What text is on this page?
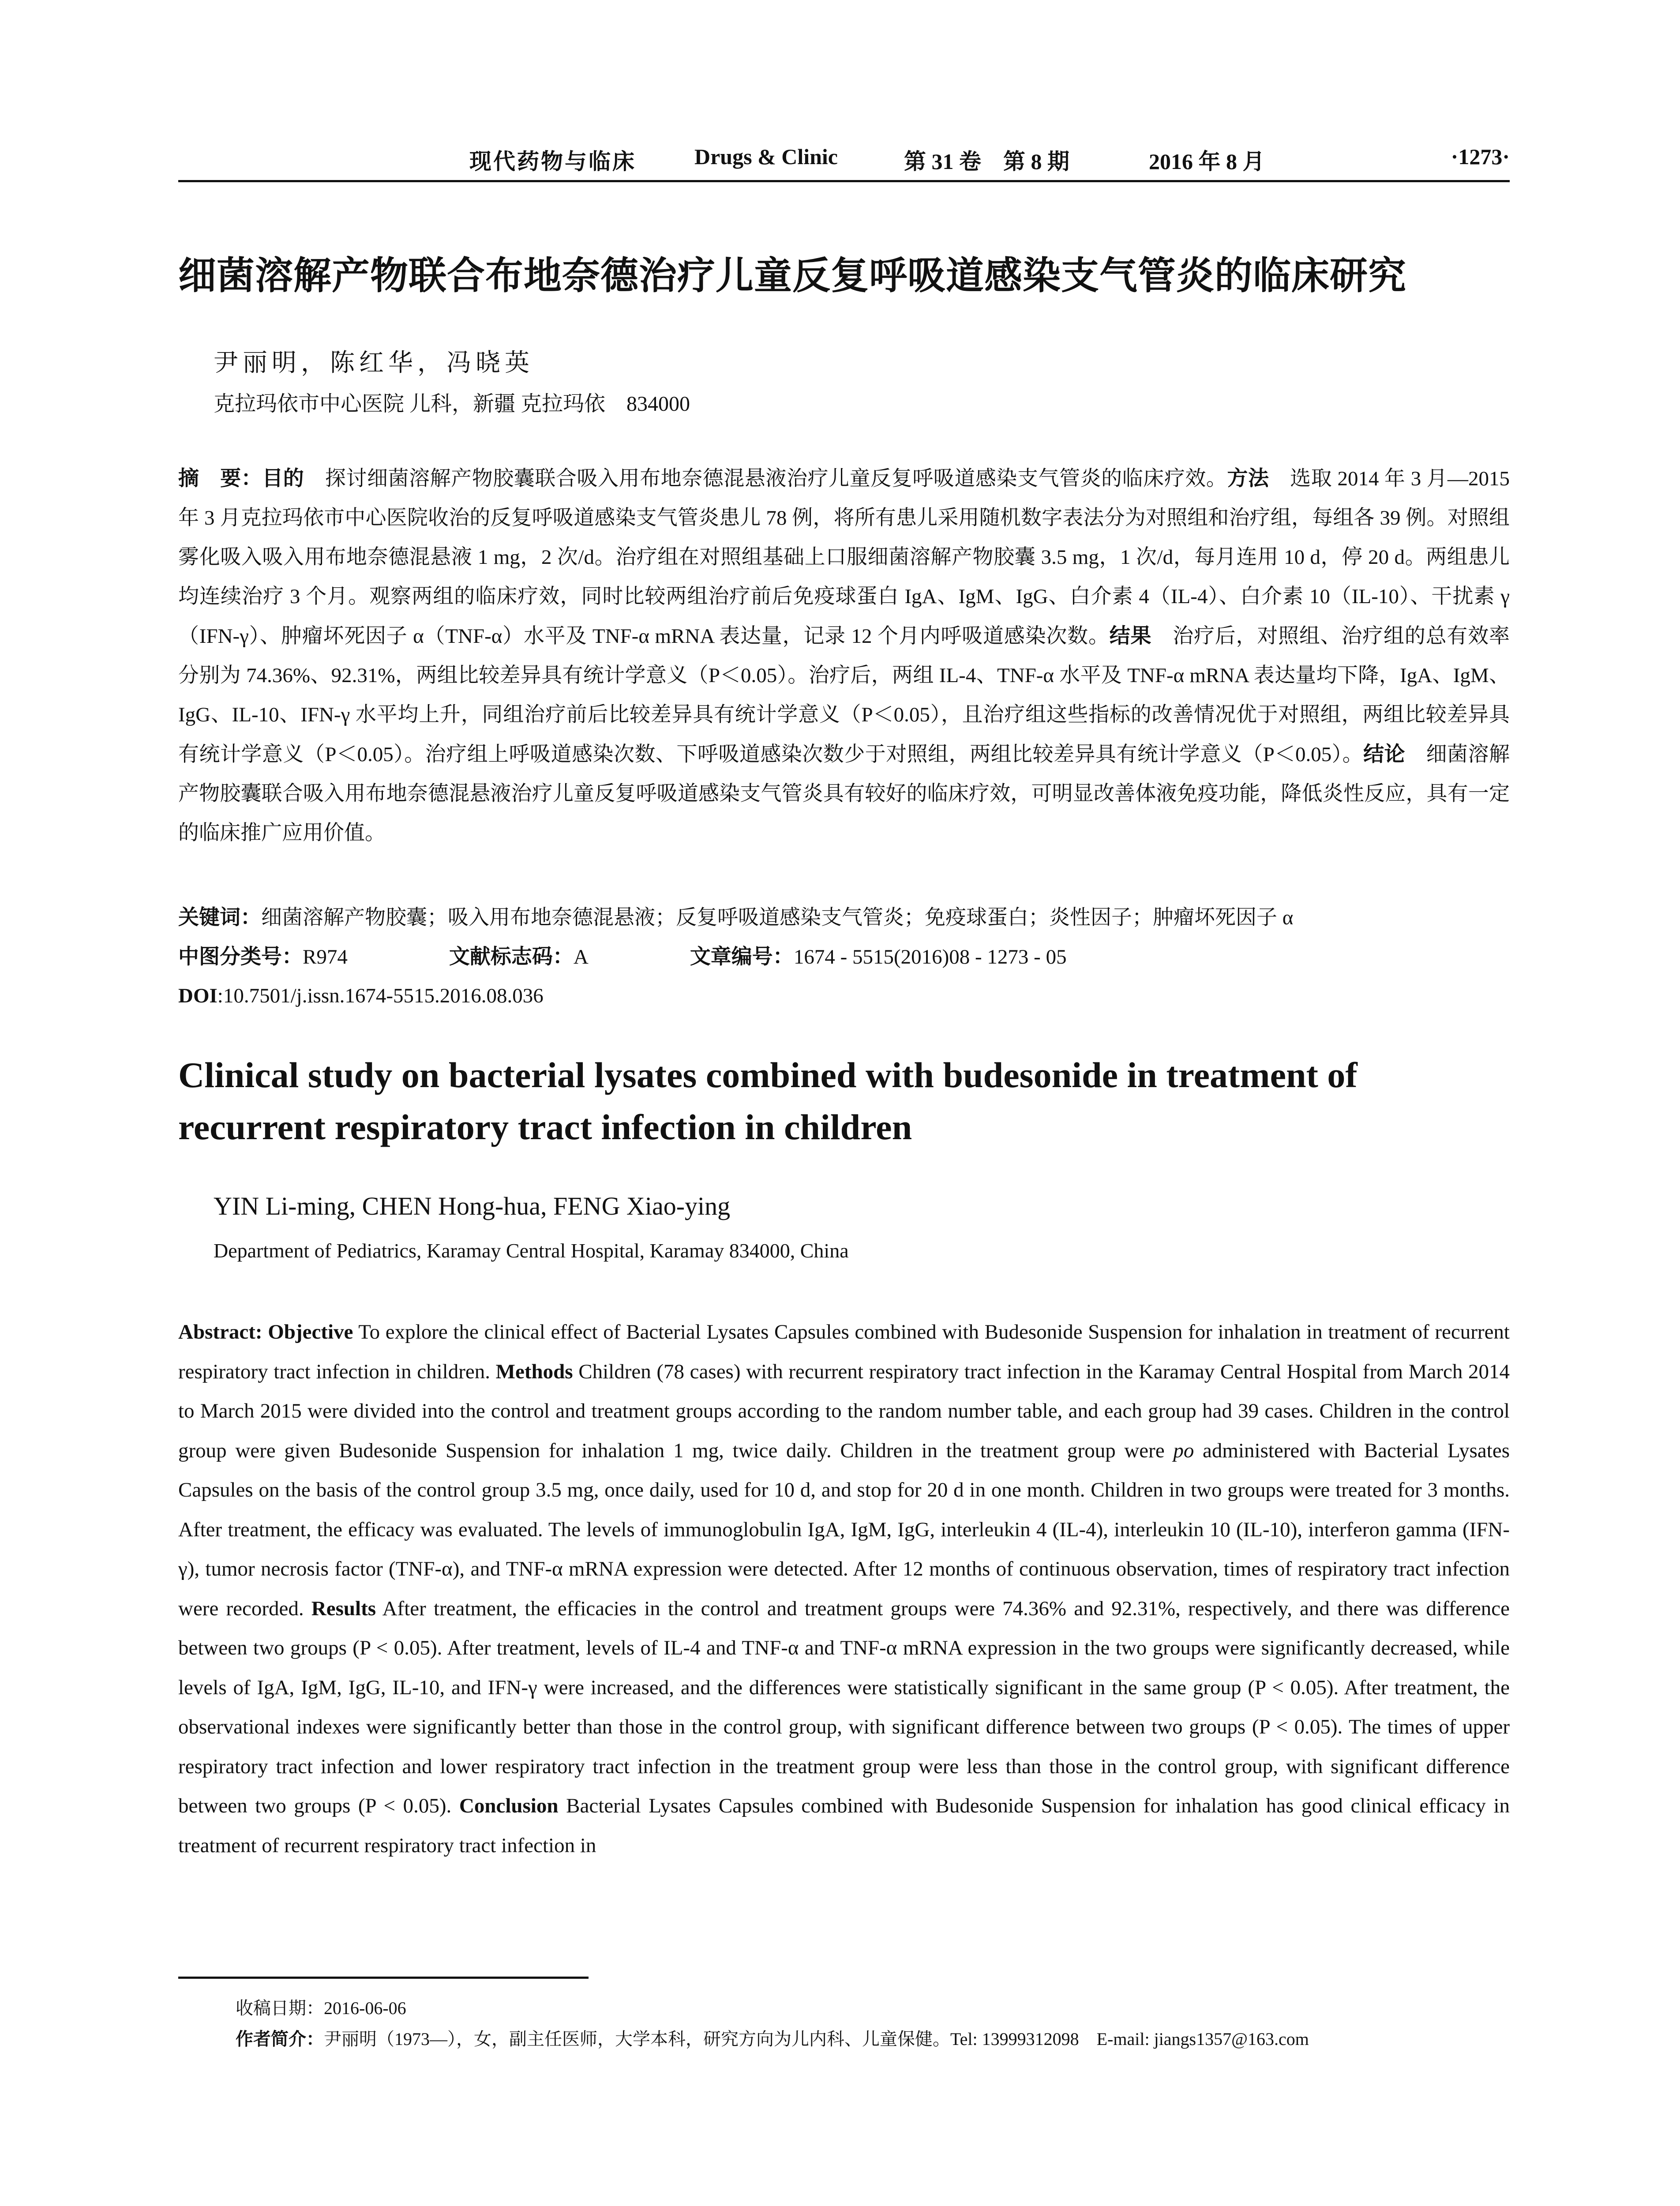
现代药物与临床	Drugs & Clinic	第 31 卷　第 8 期	2016 年 8 月	·1273·
细菌溶解产物联合布地奈德治疗儿童反复呼吸道感染支气管炎的临床研究
尹丽明，陈红华，冯晓英
克拉玛依市中心医院 儿科，新疆 克拉玛依　834000
摘　要：目的　探讨细菌溶解产物胶囊联合吸入用布地奈德混悬液治疗儿童反复呼吸道感染支气管炎的临床疗效。方法　选取 2014 年 3 月—2015 年 3 月克拉玛依市中心医院收治的反复呼吸道感染支气管炎患儿 78 例，将所有患儿采用随机数字表法分为对照组和治疗组，每组各 39 例。对照组雾化吸入吸入用布地奈德混悬液 1 mg，2 次/d。治疗组在对照组基础上口服细菌溶解产物胶囊 3.5 mg，1 次/d，每月连用 10 d，停 20 d。两组患儿均连续治疗 3 个月。观察两组的临床疗效，同时比较两组治疗前后免疫球蛋白 IgA、IgM、IgG、白介素 4（IL-4）、白介素 10（IL-10）、干扰素 γ（IFN-γ）、肿瘤坏死因子 α（TNF-α）水平及 TNF-α mRNA 表达量，记录 12 个月内呼吸道感染次数。结果　治疗后，对照组、治疗组的总有效率分别为 74.36%、92.31%，两组比较差异具有统计学意义（P＜0.05）。治疗后，两组 IL-4、TNF-α 水平及 TNF-α mRNA 表达量均下降，IgA、IgM、IgG、IL-10、IFN-γ 水平均上升，同组治疗前后比较差异具有统计学意义（P＜0.05），且治疗组这些指标的改善情况优于对照组，两组比较差异具有统计学意义（P＜0.05）。治疗组上呼吸道感染次数、下呼吸道感染次数少于对照组，两组比较差异具有统计学意义（P＜0.05）。结论　细菌溶解产物胶囊联合吸入用布地奈德混悬液治疗儿童反复呼吸道感染支气管炎具有较好的临床疗效，可明显改善体液免疫功能，降低炎性反应，具有一定的临床推广应用价值。
关键词：细菌溶解产物胶囊；吸入用布地奈德混悬液；反复呼吸道感染支气管炎；免疫球蛋白；炎性因子；肿瘤坏死因子 α
中图分类号：R974	文献标志码：A	文章编号：1674 - 5515(2016)08 - 1273 - 05
DOI:10.7501/j.issn.1674-5515.2016.08.036
Clinical study on bacterial lysates combined with budesonide in treatment of recurrent respiratory tract infection in children
YIN Li-ming, CHEN Hong-hua, FENG Xiao-ying
Department of Pediatrics, Karamay Central Hospital, Karamay 834000, China
Abstract: Objective To explore the clinical effect of Bacterial Lysates Capsules combined with Budesonide Suspension for inhalation in treatment of recurrent respiratory tract infection in children. Methods Children (78 cases) with recurrent respiratory tract infection in the Karamay Central Hospital from March 2014 to March 2015 were divided into the control and treatment groups according to the random number table, and each group had 39 cases. Children in the control group were given Budesonide Suspension for inhalation 1 mg, twice daily. Children in the treatment group were po administered with Bacterial Lysates Capsules on the basis of the control group 3.5 mg, once daily, used for 10 d, and stop for 20 d in one month. Children in two groups were treated for 3 months. After treatment, the efficacy was evaluated. The levels of immunoglobulin IgA, IgM, IgG, interleukin 4 (IL-4), interleukin 10 (IL-10), interferon gamma (IFN-γ), tumor necrosis factor (TNF-α), and TNF-α mRNA expression were detected. After 12 months of continuous observation, times of respiratory tract infection were recorded. Results After treatment, the efficacies in the control and treatment groups were 74.36% and 92.31%, respectively, and there was difference between two groups (P < 0.05). After treatment, levels of IL-4 and TNF-α and TNF-α mRNA expression in the two groups were significantly decreased, while levels of IgA, IgM, IgG, IL-10, and IFN-γ were increased, and the differences were statistically significant in the same group (P < 0.05). After treatment, the observational indexes were significantly better than those in the control group, with significant difference between two groups (P < 0.05). The times of upper respiratory tract infection and lower respiratory tract infection in the treatment group were less than those in the control group, with significant difference between two groups (P < 0.05). Conclusion Bacterial Lysates Capsules combined with Budesonide Suspension for inhalation has good clinical efficacy in treatment of recurrent respiratory tract infection in
收稿日期：2016-06-06
作者简介：尹丽明（1973—），女，副主任医师，大学本科，研究方向为儿内科、儿童保健。Tel: 13999312098　E-mail: jiangs1357@163.com
